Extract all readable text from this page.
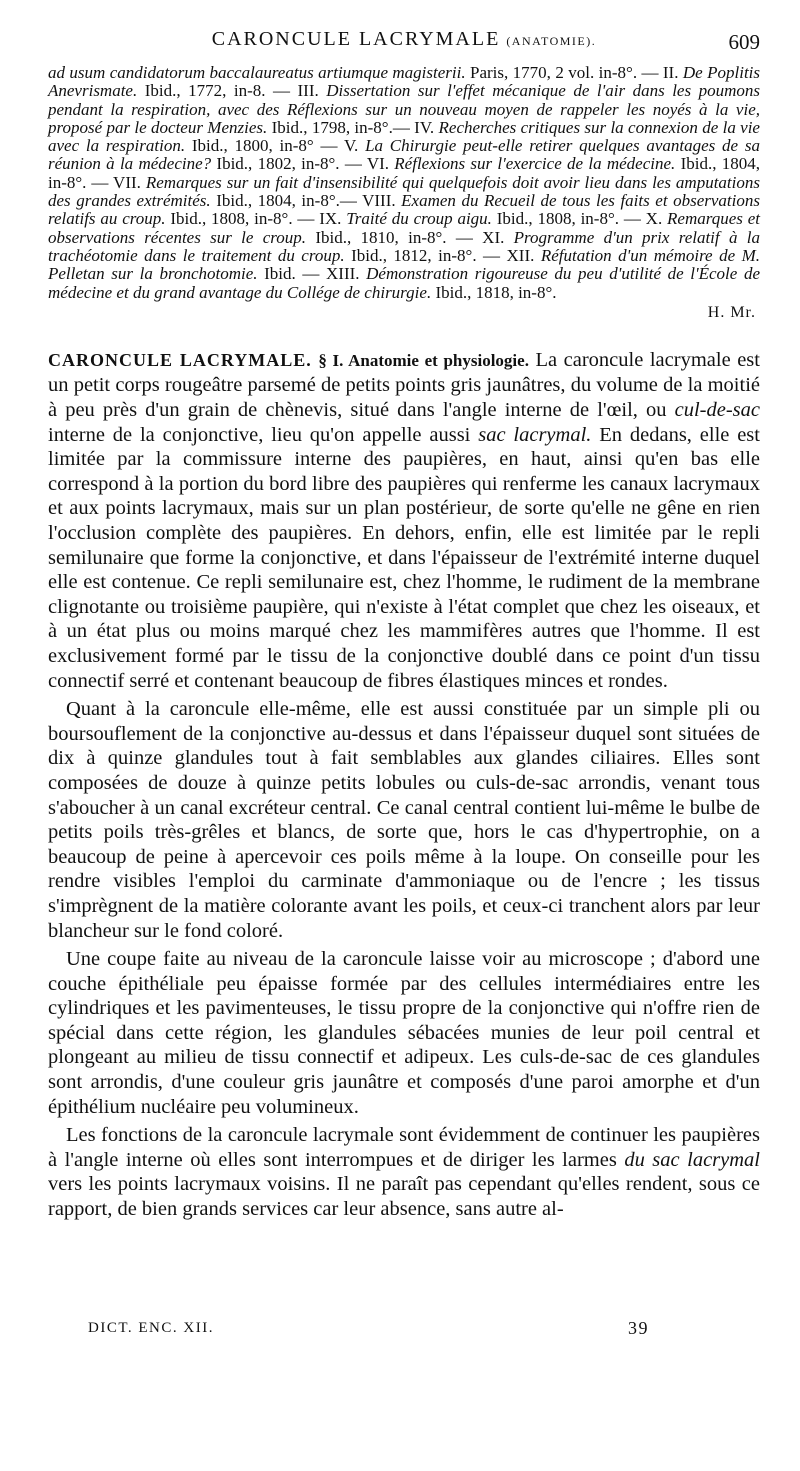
CARONCULE LACRYMALE (ANATOMIE).	609
ad usum candidatorum baccalaureatus artiumque magisterii. Paris, 1770, 2 vol. in-8°. — II. De Poplitis Anevrismate. Ibid., 1772, in-8. — III. Dissertation sur l'effet mécanique de l'air dans les poumons pendant la respiration, avec des Réflexions sur un nouveau moyen de rappeler les noyés à la vie, proposé par le docteur Menzies. Ibid., 1798, in-8°.— IV. Recherches critiques sur la connexion de la vie avec la respiration. Ibid., 1800, in-8° — V. La Chirurgie peut-elle retirer quelques avantages de sa réunion à la médecine? Ibid., 1802, in-8°. — VI. Réflexions sur l'exercice de la médecine. Ibid., 1804, in-8°. — VII. Remarques sur un fait d'insensibilité qui quelquefois doit avoir lieu dans les amputations des grandes extrémités. Ibid., 1804, in-8°.— VIII. Examen du Recueil de tous les faits et observations relatifs au croup. Ibid., 1808, in-8°. — IX. Traité du croup aigu. Ibid., 1808, in-8°. — X. Remarques et observations récentes sur le croup. Ibid., 1810, in-8°. — XI. Programme d'un prix relatif à la trachéotomie dans le traitement du croup. Ibid., 1812, in-8°. — XII. Réfutation d'un mémoire de M. Pelletan sur la bronchotomie. Ibid. — XIII. Démonstration rigoureuse du peu d'utilité de l'École de médecine et du grand avantage du Collége de chirurgie. Ibid., 1818, in-8°.
H. Mr.

CARONCULE LACRYMALE. § I. Anatomie et physiologie. La caroncule lacrymale est un petit corps rougeâtre parsemé de petits points gris jaunâtres, du volume de la moitié à peu près d'un grain de chènevis, situé dans l'angle interne de l'œil, ou cul-de-sac interne de la conjonctive, lieu qu'on appelle aussi sac lacrymal. En dedans, elle est limitée par la commissure interne des paupières, en haut, ainsi qu'en bas elle correspond à la portion du bord libre des paupières qui renferme les canaux lacrymaux et aux points lacrymaux, mais sur un plan postérieur, de sorte qu'elle ne gêne en rien l'occlusion complète des paupières. En dehors, enfin, elle est limitée par le repli semilunaire que forme la conjonctive, et dans l'épaisseur de l'extrémité interne duquel elle est contenue. Ce repli semilunaire est, chez l'homme, le rudiment de la membrane clignotante ou troisième paupière, qui n'existe à l'état complet que chez les oiseaux, et à un état plus ou moins marqué chez les mammifères autres que l'homme. Il est exclusivement formé par le tissu de la conjonctive doublé dans ce point d'un tissu connectif serré et contenant beaucoup de fibres élastiques minces et rondes.

Quant à la caroncule elle-même, elle est aussi constituée par un simple pli ou boursouflement de la conjonctive au-dessus et dans l'épaisseur duquel sont situées de dix à quinze glandules tout à fait semblables aux glandes ciliaires. Elles sont composées de douze à quinze petits lobules ou culs-de-sac arrondis, venant tous s'aboucher à un canal excréteur central. Ce canal central contient lui-même le bulbe de petits poils très-grêles et blancs, de sorte que, hors le cas d'hypertrophie, on a beaucoup de peine à apercevoir ces poils même à la loupe. On conseille pour les rendre visibles l'emploi du carminate d'ammoniaque ou de l'encre ; les tissus s'imprègnent de la matière colorante avant les poils, et ceux-ci tranchent alors par leur blancheur sur le fond coloré.

Une coupe faite au niveau de la caroncule laisse voir au microscope ; d'abord une couche épithéliale peu épaisse formée par des cellules intermédiaires entre les cylindriques et les pavimenteuses, le tissu propre de la conjonctive qui n'offre rien de spécial dans cette région, les glandules sébacées munies de leur poil central et plongeant au milieu de tissu connectif et adipeux. Les culs-de-sac de ces glandules sont arrondis, d'une couleur gris jaunâtre et composés d'une paroi amorphe et d'un épithélium nucléaire peu volumineux.

Les fonctions de la caroncule lacrymale sont évidemment de continuer les paupières à l'angle interne où elles sont interrompues et de diriger les larmes du sac lacrymal vers les points lacrymaux voisins. Il ne paraît pas cependant qu'elles rendent, sous ce rapport, de bien grands services car leur absence, sans autre al-

DICT. ENC. XII.	39
